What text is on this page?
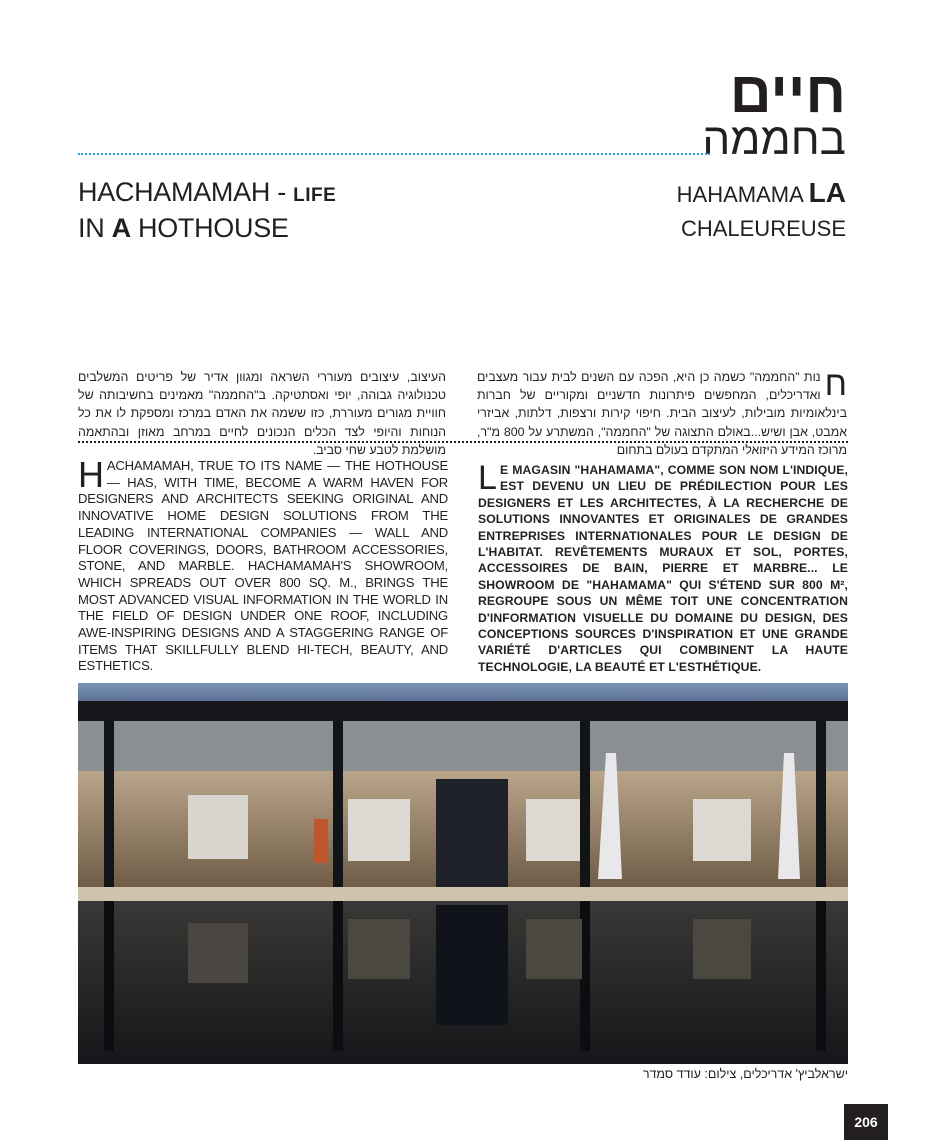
חיים
בחממה
HACHAMAMAH - LIFE
IN A HOTHOUSE
HAHAMAMA LA
CHALEUREUSE
ח
נות "החממה" כשמה כן היא, הפכה עם השנים לבית עבור מעצבים ואדריכלים, המחפשים פיתרונות חדשניים ומקוריים של חברות בינלאומיות מובילות, לעיצוב הבית. חיפוי קירות ורצפות, דלתות, אביזרי אמבט, אבן ושיש...באולם התצוגה של "החממה", המשתרע על 800 מ"ר, מרוכז המידע היזואלי המתקדם בעולם בתחום
העיצוב, עיצובים מעוררי השראה ומגוון אדיר של פריטים המשלבים טכנולוגיה גבוהה, יופי ואסתטיקה. ב"החממה" מאמינים בחשיבותה של חוויית מגורים מעוררת, כזו ששמה את האדם במרכז ומספקת לו את כל הנוחות והיופי לצד הכלים הנכונים לחיים במרחב מאוזן ובהתאמה מושלמת לטבע שחי סביב.
HACHAMAMAH, TRUE TO ITS NAME — THE HOTHOUSE — HAS, WITH TIME, BECOME A WARM HAVEN FOR DESIGNERS AND ARCHITECTS SEEKING ORIGINAL AND INNOVATIVE HOME DESIGN SOLUTIONS FROM THE LEADING INTERNATIONAL COMPANIES — WALL AND FLOOR COVERINGS, DOORS, BATHROOM ACCESSORIES, STONE, AND MARBLE. HACHAMAMAH'S SHOWROOM, WHICH SPREADS OUT OVER 800 SQ. M., BRINGS THE MOST ADVANCED VISUAL INFORMATION IN THE WORLD IN THE FIELD OF DESIGN UNDER ONE ROOF, INCLUDING AWE-INSPIRING DESIGNS AND A STAGGERING RANGE OF ITEMS THAT SKILLFULLY BLEND HI-TECH, BEAUTY, AND ESTHETICS.
LE MAGASIN "HAHAMAMA", COMME SON NOM L'INDIQUE, EST DEVENU UN LIEU DE PRÉDILECTION POUR LES DESIGNERS ET LES ARCHITECTES, À LA RECHERCHE DE SOLUTIONS INNOVANTES ET ORIGINALES DE GRANDES ENTREPRISES INTERNATIONALES POUR LE DESIGN DE L'HABITAT. REVÊTEMENTS MURAUX ET SOL, PORTES, ACCESSOIRES DE BAIN, PIERRE ET MARBRE... LE SHOWROOM DE "HAHAMAMA" QUI S'ÉTEND SUR 800 M², REGROUPE SOUS UN MÊME TOIT UNE CONCENTRATION D'INFORMATION VISUELLE DU DOMAINE DU DESIGN, DES CONCEPTIONS SOURCES D'INSPIRATION ET UNE GRANDE VARIÉTÉ D'ARTICLES QUI COMBINENT LA HAUTE TECHNOLOGIE, LA BEAUTÉ ET L'ESTHÉTIQUE.
ישראלביץ' אדריכלים, צילום: עודד סמדר
206
